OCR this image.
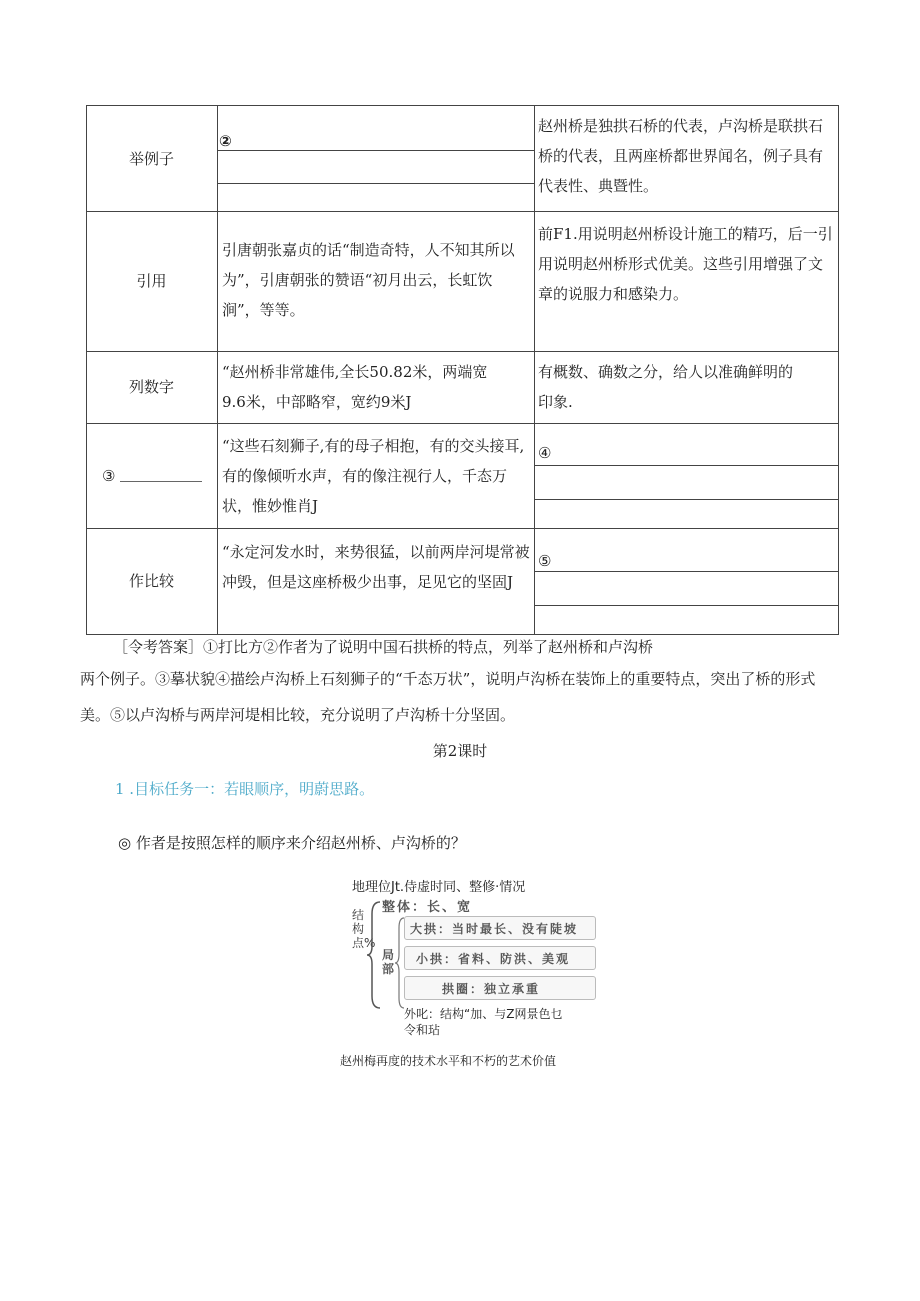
举例子
②
赵州桥是独拱石桥的代表，卢沟桥是联拱石桥的代表，且两座桥都世界闻名，例子具有代表性、典暨性。
引用
引唐朝张嘉贞的话“制造奇特，人不知其所以为”，引唐朝张的赞语“初月出云，长虹饮涧”，等等。
前F1.用说明赵州桥设计施工的精巧，后一引用说明赵州桥形式优美。这些引用增强了文章的说服力和感染力。
列数字
“赵州桥非常雄伟,全长50.82米，两端宽9.6米，中部略窄，宽约9米J
有概数、确数之分，给人以准确鲜明的印象.
③
“这些石刻狮子,有的母子相抱，有的交头接耳,有的像倾听水声，有的像注视行人，千态万状，惟妙惟肖J
④
作比较
“永定河发水时，来势很猛，以前两岸河堤常被冲毁，但是这座桥极少出事，足见它的坚固J
⑤
［令考答案］①打比方②作者为了说明中国石拱桥的特点，列举了赵州桥和卢沟桥
两个例子。③摹状貌④描绘卢沟桥上石刻狮子的“千态万状”，说明卢沟桥在装饰上的重要特点，突出了桥的形式
美。⑤以卢沟桥与两岸河堤相比较，充分说明了卢沟桥十分坚固。
第2课时
1 .目标任务一：若眼顺序，明蔚思路。
◎ 作者是按照怎样的顺序来介绍赵州桥、卢沟桥的？
地理位Jt.侍虚时同、整修·情况
结构点%
整体：长、宽
局部
大拱：当时最长、没有陡坡
小拱：省料、防洪、美观
拱圈：独立承重
外叱：结构“加、与Z网景色乜令和玷
赵州梅再度的技术水平和不朽的艺术价值
